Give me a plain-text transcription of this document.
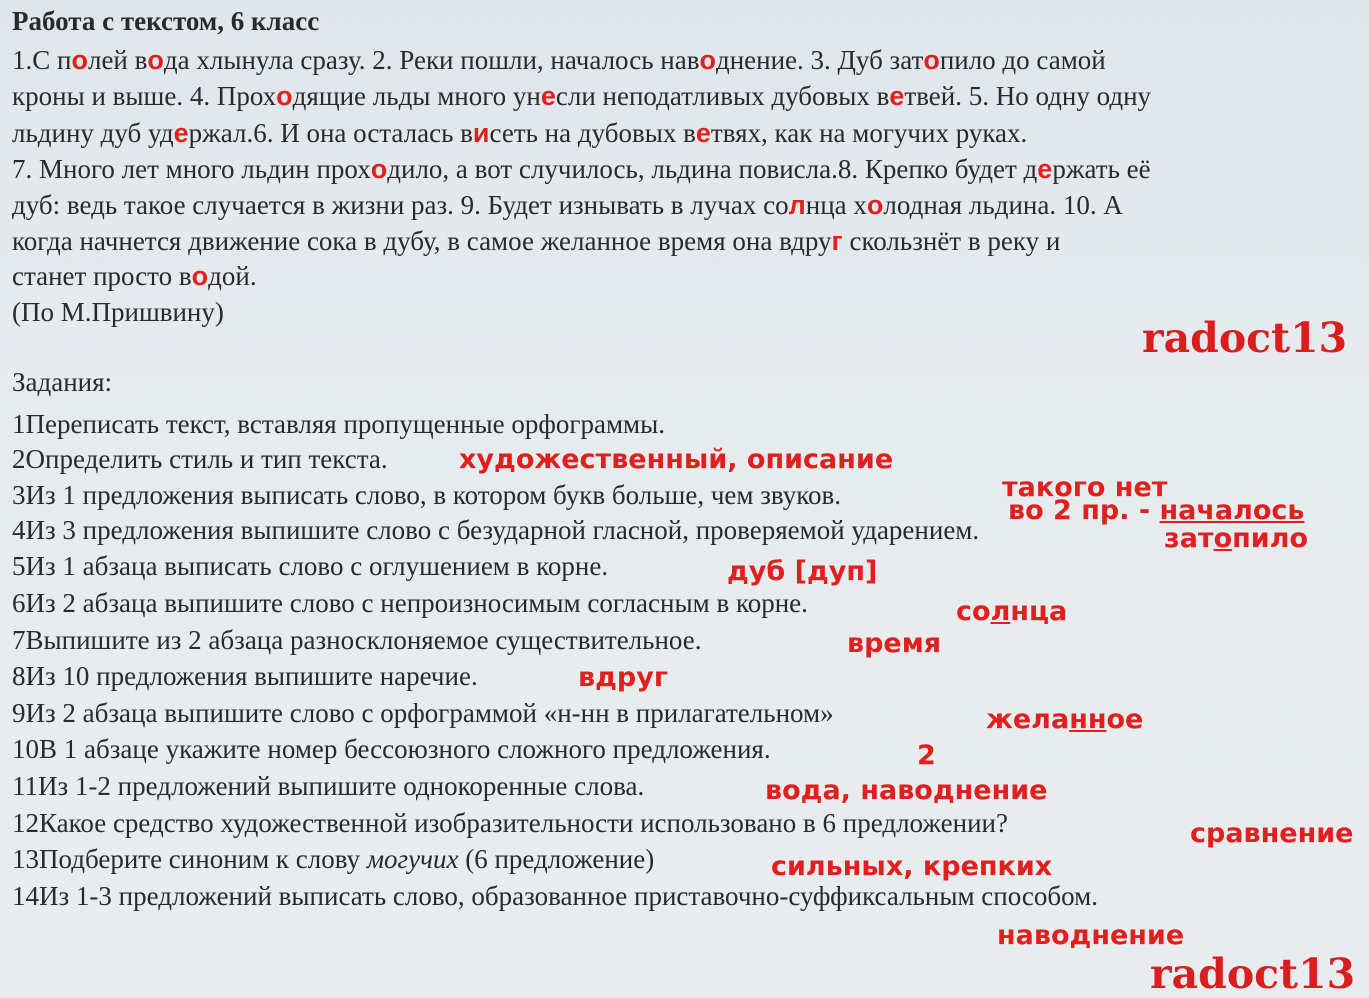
Работа с текстом, 6 класс
1.С полей вода хлынула сразу. 2. Реки пошли, началось наводнение. 3. Дуб затопило до самой
кроны и выше. 4. Проходящие льды много унесли неподатливых дубовых ветвей. 5. Но одну одну
льдину дуб удержал.6. И она осталась висеть на дубовых ветвях, как на могучих руках.
7. Много лет много льдин проходило, а вот случилось, льдина повисла.8. Крепко будет держать её
дуб: ведь такое случается в жизни раз. 9. Будет изнывать в лучах солнца холодная льдина. 10. А
когда начнется движение сока в дубу, в самое желанное время она вдруг скользнёт в реку и
станет просто водой.
(По М.Пришвину)
radoct13
Задания:
1Переписать текст, вставляя пропущенные орфограммы.
2Определить стиль и тип текста.
3Из 1 предложения выписать слово, в котором букв больше, чем звуков.
4Из 3 предложения выпишите слово с безударной гласной, проверяемой ударением.
5Из 1 абзаца выписать слово с оглушением в корне.
6Из 2 абзаца выпишите слово с непроизносимым согласным в корне.
7Выпишите из 2 абзаца разносклоняемое существительное.
8Из 10 предложения выпишите наречие.
9Из 2 абзаца выпишите слово с орфограммой «н-нн в прилагательном»
10В 1 абзаце укажите номер бессоюзного сложного предложения.
11Из 1-2 предложений выпишите однокоренные слова.
12Какое средство художественной изобразительности использовано в 6 предложении?
13Подберите синоним к слову могучих (6 предложение)
14Из 1-3 предложений выписать слово, образованное приставочно-суффиксальным способом.
художественный, описание
такого нет
во 2 пр. - началось
затопило
дуб [дуп]
солнца
время
вдруг
желанное
2
вода, наводнение
сравнение
сильных, крепких
наводнение
radoct13
